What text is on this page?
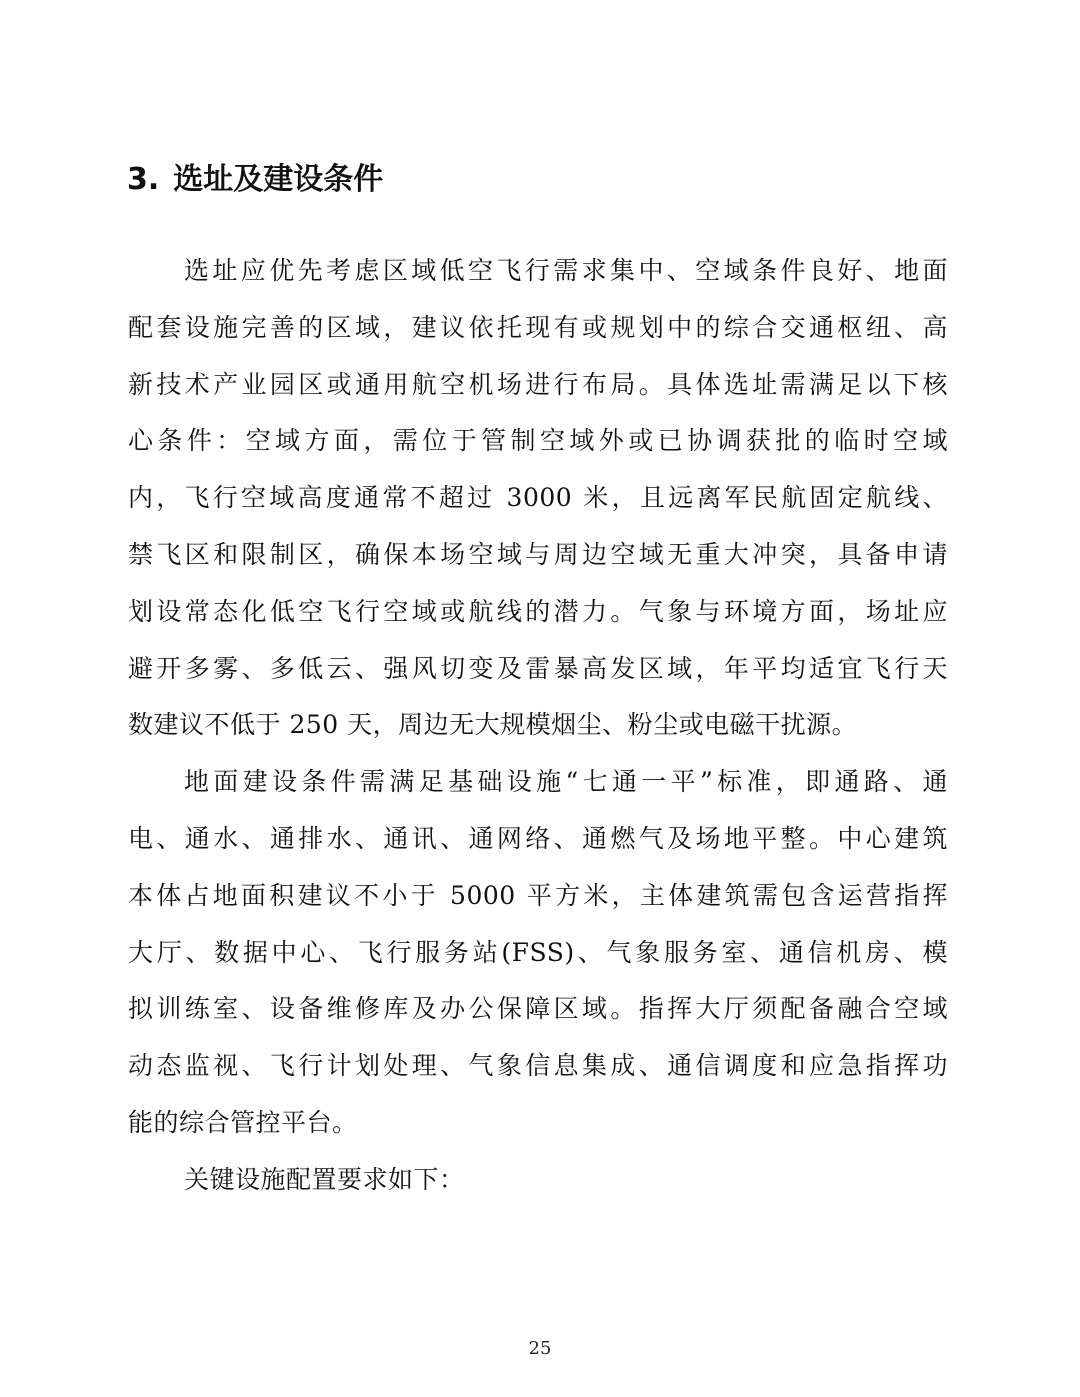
3. 选址及建设条件

选址应优先考虑区域低空飞行需求集中、空域条件良好、地面
配套设施完善的区域，建议依托现有或规划中的综合交通枢纽、高
新技术产业园区或通用航空机场进行布局。具体选址需满足以下核
心条件：空域方面，需位于管制空域外或已协调获批的临时空域
内，飞行空域高度通常不超过 3000 米，且远离军民航固定航线、
禁飞区和限制区，确保本场空域与周边空域无重大冲突，具备申请
划设常态化低空飞行空域或航线的潜力。气象与环境方面，场址应
避开多雾、多低云、强风切变及雷暴高发区域，年平均适宜飞行天
数建议不低于 250 天，周边无大规模烟尘、粉尘或电磁干扰源。

地面建设条件需满足基础设施“七通一平”标准，即通路、通
电、通水、通排水、通讯、通网络、通燃气及场地平整。中心建筑
本体占地面积建议不小于 5000 平方米，主体建筑需包含运营指挥
大厅、数据中心、飞行服务站(FSS)、气象服务室、通信机房、模
拟训练室、设备维修库及办公保障区域。指挥大厅须配备融合空域
动态监视、飞行计划处理、气象信息集成、通信调度和应急指挥功
能的综合管控平台。

关键设施配置要求如下：

25
